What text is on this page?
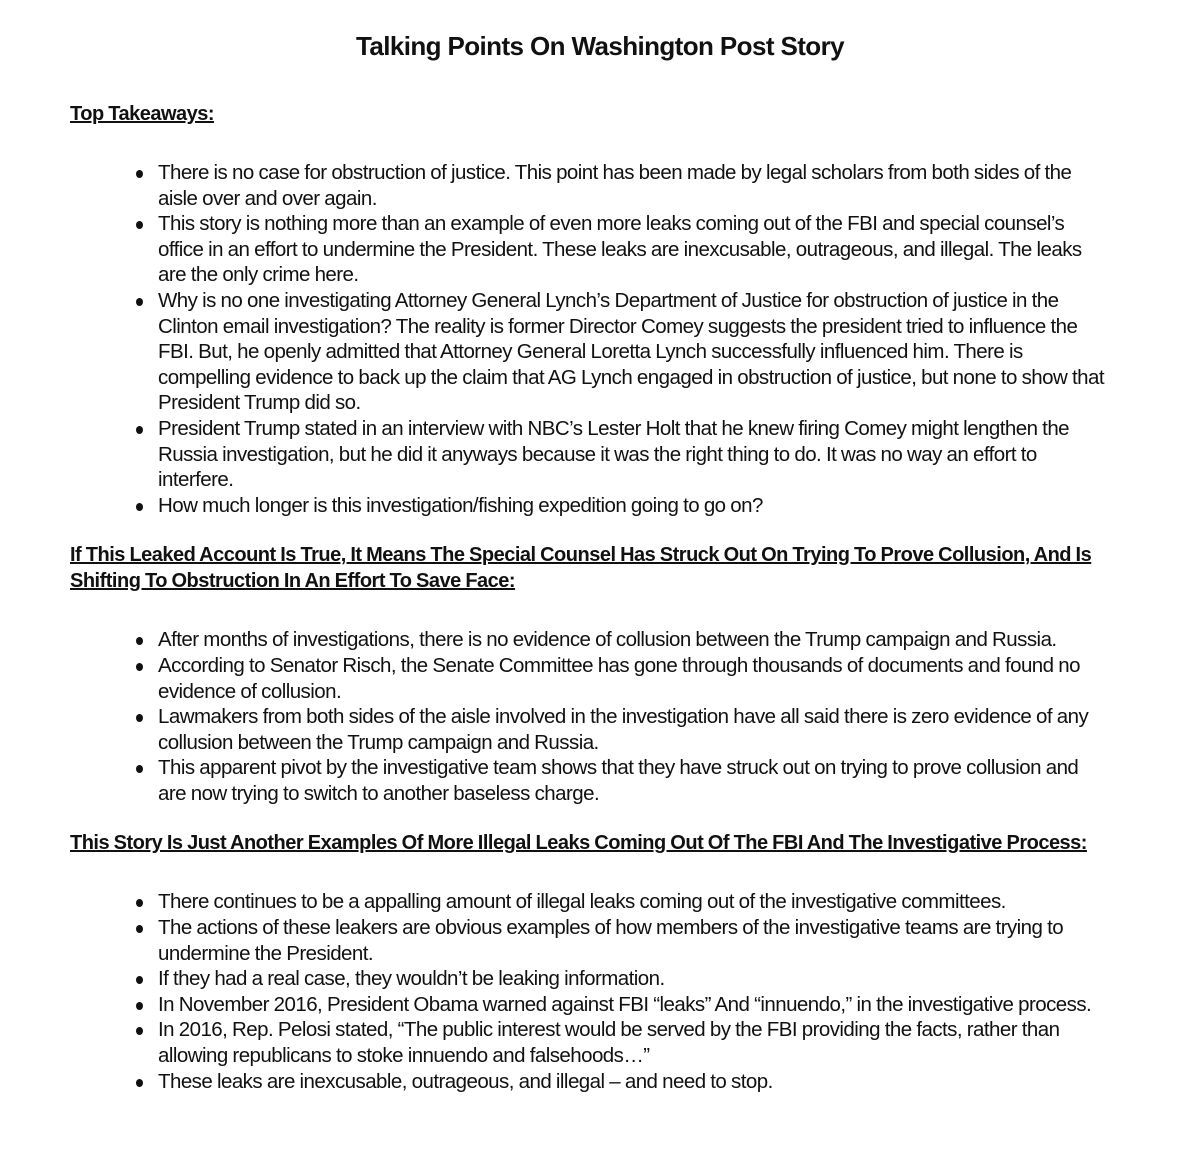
Talking Points On Washington Post Story
Top Takeaways:
There is no case for obstruction of justice. This point has been made by legal scholars from both sides of the aisle over and over again.
This story is nothing more than an example of even more leaks coming out of the FBI and special counsel’s office in an effort to undermine the President. These leaks are inexcusable, outrageous, and illegal. The leaks are the only crime here.
Why is no one investigating Attorney General Lynch’s Department of Justice for obstruction of justice in the Clinton email investigation? The reality is former Director Comey suggests the president tried to influence the FBI. But, he openly admitted that Attorney General Loretta Lynch successfully influenced him. There is compelling evidence to back up the claim that AG Lynch engaged in obstruction of justice, but none to show that President Trump did so.
President Trump stated in an interview with NBC’s Lester Holt that he knew firing Comey might lengthen the Russia investigation, but he did it anyways because it was the right thing to do. It was no way an effort to interfere.
How much longer is this investigation/fishing expedition going to go on?
If This Leaked Account Is True, It Means The Special Counsel Has Struck Out On Trying To Prove Collusion, And Is Shifting To Obstruction In An Effort To Save Face:
After months of investigations, there is no evidence of collusion between the Trump campaign and Russia.
According to Senator Risch, the Senate Committee has gone through thousands of documents and found no evidence of collusion.
Lawmakers from both sides of the aisle involved in the investigation have all said there is zero evidence of any collusion between the Trump campaign and Russia.
This apparent pivot by the investigative team shows that they have struck out on trying to prove collusion and are now trying to switch to another baseless charge.
This Story Is Just Another Examples Of More Illegal Leaks Coming Out Of The FBI And The Investigative Process:
There continues to be a appalling amount of illegal leaks coming out of the investigative committees.
The actions of these leakers are obvious examples of how members of the investigative teams are trying to undermine the President.
If they had a real case, they wouldn’t be leaking information.
In November 2016, President Obama warned against FBI “leaks” And “innuendo,” in the investigative process.
In 2016, Rep. Pelosi stated, “The public interest would be served by the FBI providing the facts, rather than allowing republicans to stoke innuendo and falsehoods…”
These leaks are inexcusable, outrageous, and illegal – and need to stop.
